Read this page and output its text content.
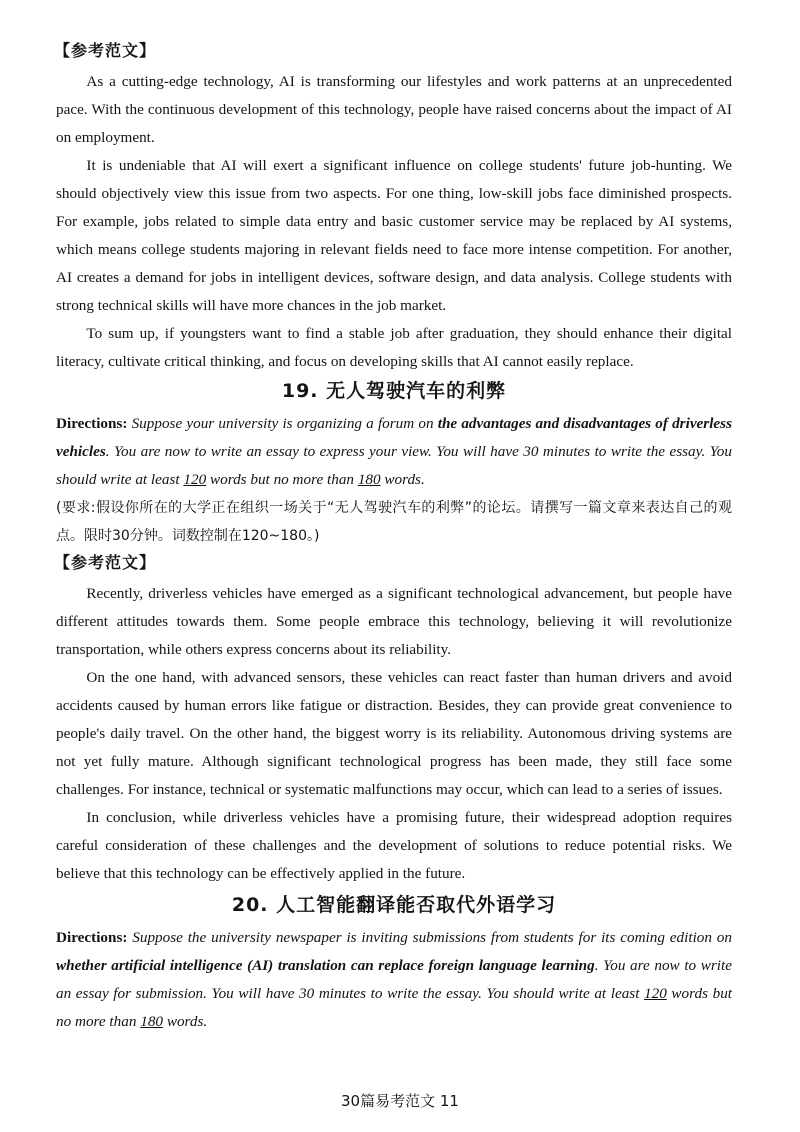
【参考范文】

As a cutting-edge technology, AI is transforming our lifestyles and work patterns at an unprecedented pace. With the continuous development of this technology, people have raised concerns about the impact of AI on employment.

It is undeniable that AI will exert a significant influence on college students' future job-hunting. We should objectively view this issue from two aspects. For one thing, low-skill jobs face diminished prospects. For example, jobs related to simple data entry and basic customer service may be replaced by AI systems, which means college students majoring in relevant fields need to face more intense competition. For another, AI creates a demand for jobs in intelligent devices, software design, and data analysis. College students with strong technical skills will have more chances in the job market.

To sum up, if youngsters want to find a stable job after graduation, they should enhance their digital literacy, cultivate critical thinking, and focus on developing skills that AI cannot easily replace.

19. 无人驾驶汽车的利弊

Directions: Suppose your university is organizing a forum on the advantages and disadvantages of driverless vehicles. You are now to write an essay to express your view. You will have 30 minutes to write the essay. You should write at least 120 words but no more than 180 words.

(要求:假设你所在的大学正在组织一场关于“无人驾驶汽车的利弊”的论坛。请撰写一篇文章来表达自己的观点。限时30分钟。词数控制在120~180。)

【参考范文】

Recently, driverless vehicles have emerged as a significant technological advancement, but people have different attitudes towards them. Some people embrace this technology, believing it will revolutionize transportation, while others express concerns about its reliability.

On the one hand, with advanced sensors, these vehicles can react faster than human drivers and avoid accidents caused by human errors like fatigue or distraction. Besides, they can provide great convenience to people's daily travel. On the other hand, the biggest worry is its reliability. Autonomous driving systems are not yet fully mature. Although significant technological progress has been made, they still face some challenges. For instance, technical or systematic malfunctions may occur, which can lead to a series of issues.

In conclusion, while driverless vehicles have a promising future, their widespread adoption requires careful consideration of these challenges and the development of solutions to reduce potential risks. We believe that this technology can be effectively applied in the future.

20. 人工智能翻译能否取代外语学习

Directions: Suppose the university newspaper is inviting submissions from students for its coming edition on whether artificial intelligence (AI) translation can replace foreign language learning. You are now to write an essay for submission. You will have 30 minutes to write the essay. You should write at least 120 words but no more than 180 words.

30篇易考范文 11
